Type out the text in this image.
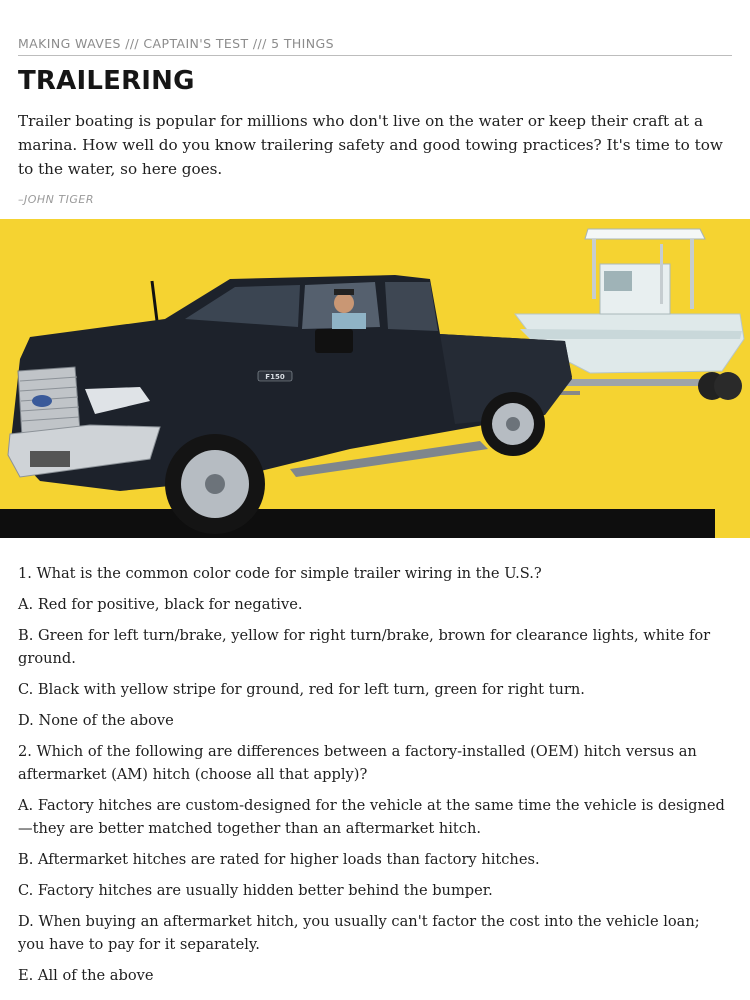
MAKING WAVES /// CAPTAIN'S TEST /// 5 THINGS
TRAILERING

Trailer boating is popular for millions who don't live on the water or keep their craft at a marina. How well do you know trailering safety and good towing practices? It's time to tow to the water, so here goes.

–JOHN TIGER
F150

1. What is the common color code for simple trailer wiring in the U.S.?

A. Red for positive, black for negative.

B. Green for left turn/brake, yellow for right turn/brake, brown for clearance lights, white for ground.

C. Black with yellow stripe for ground, red for left turn, green for right turn.

D. None of the above

2. Which of the following are differences between a factory-installed (OEM) hitch versus an aftermarket (AM) hitch (choose all that apply)?

A. Factory hitches are custom-designed for the vehicle at the same time the vehicle is designed—they are better matched together than an aftermarket hitch.

B. Aftermarket hitches are rated for higher loads than factory hitches.

C. Factory hitches are usually hidden better behind the bumper.

D. When buying an aftermarket hitch, you usually can't factor the cost into the vehicle loan; you have to pay for it separately.

E. All of the above
